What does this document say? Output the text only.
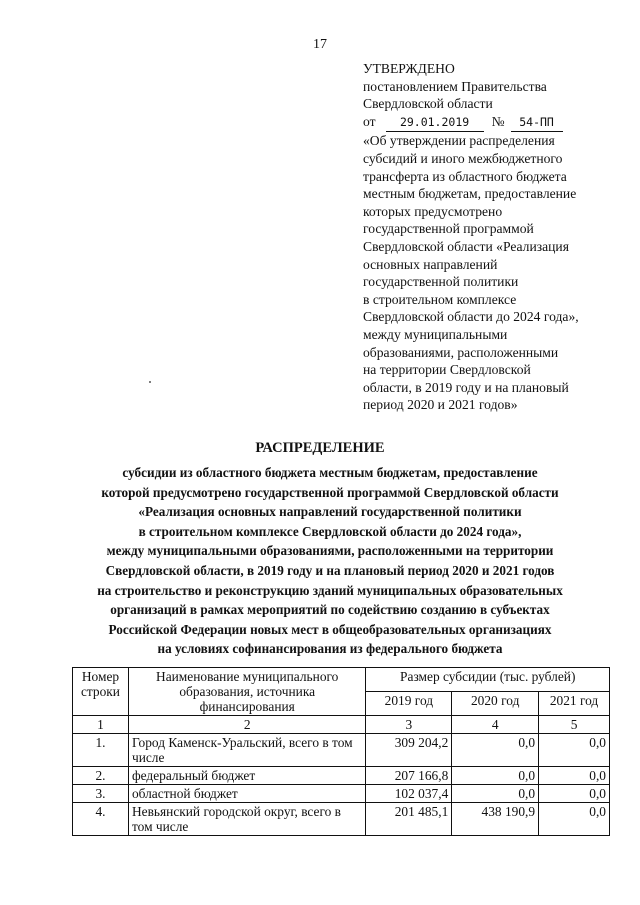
17
УТВЕРЖДЕНО
постановлением Правительства
Свердловской области
от 29.01.2019 № 54-ПП
«Об утверждении распределения
субсидий и иного межбюджетного
трансферта из областного бюджета
местным бюджетам, предоставление
которых предусмотрено
государственной программой
Свердловской области «Реализация
основных направлений
государственной политики
в строительном комплексе
Свердловской области до 2024 года»,
между муниципальными
образованиями, расположенными
на территории Свердловской
области, в 2019 году и на плановый
период 2020 и 2021 годов»
РАСПРЕДЕЛЕНИЕ
субсидии из областного бюджета местным бюджетам, предоставление
которой предусмотрено государственной программой Свердловской области
«Реализация основных направлений государственной политики
в строительном комплексе Свердловской области до 2024 года»,
между муниципальными образованиями, расположенными на территории
Свердловской области, в 2019 году и на плановый период 2020 и 2021 годов
на строительство и реконструкцию зданий муниципальных образовательных
организаций в рамках мероприятий по содействию созданию в субъектах
Российской Федерации новых мест в общеобразовательных организациях
на условиях софинансирования из федерального бюджета
Номер строки	Наименование муниципального образования, источника финансирования	Размер субсидии (тыс. рублей)		
		2019 год	2020 год	2021 год
1	2	3	4	5
1.	Город Каменск-Уральский, всего в том числе	309 204,2	0,0	0,0
2.	федеральный бюджет	207 166,8	0,0	0,0
3.	областной бюджет	102 037,4	0,0	0,0
4.	Невьянский городской округ, всего в том числе	201 485,1	438 190,9	0,0
